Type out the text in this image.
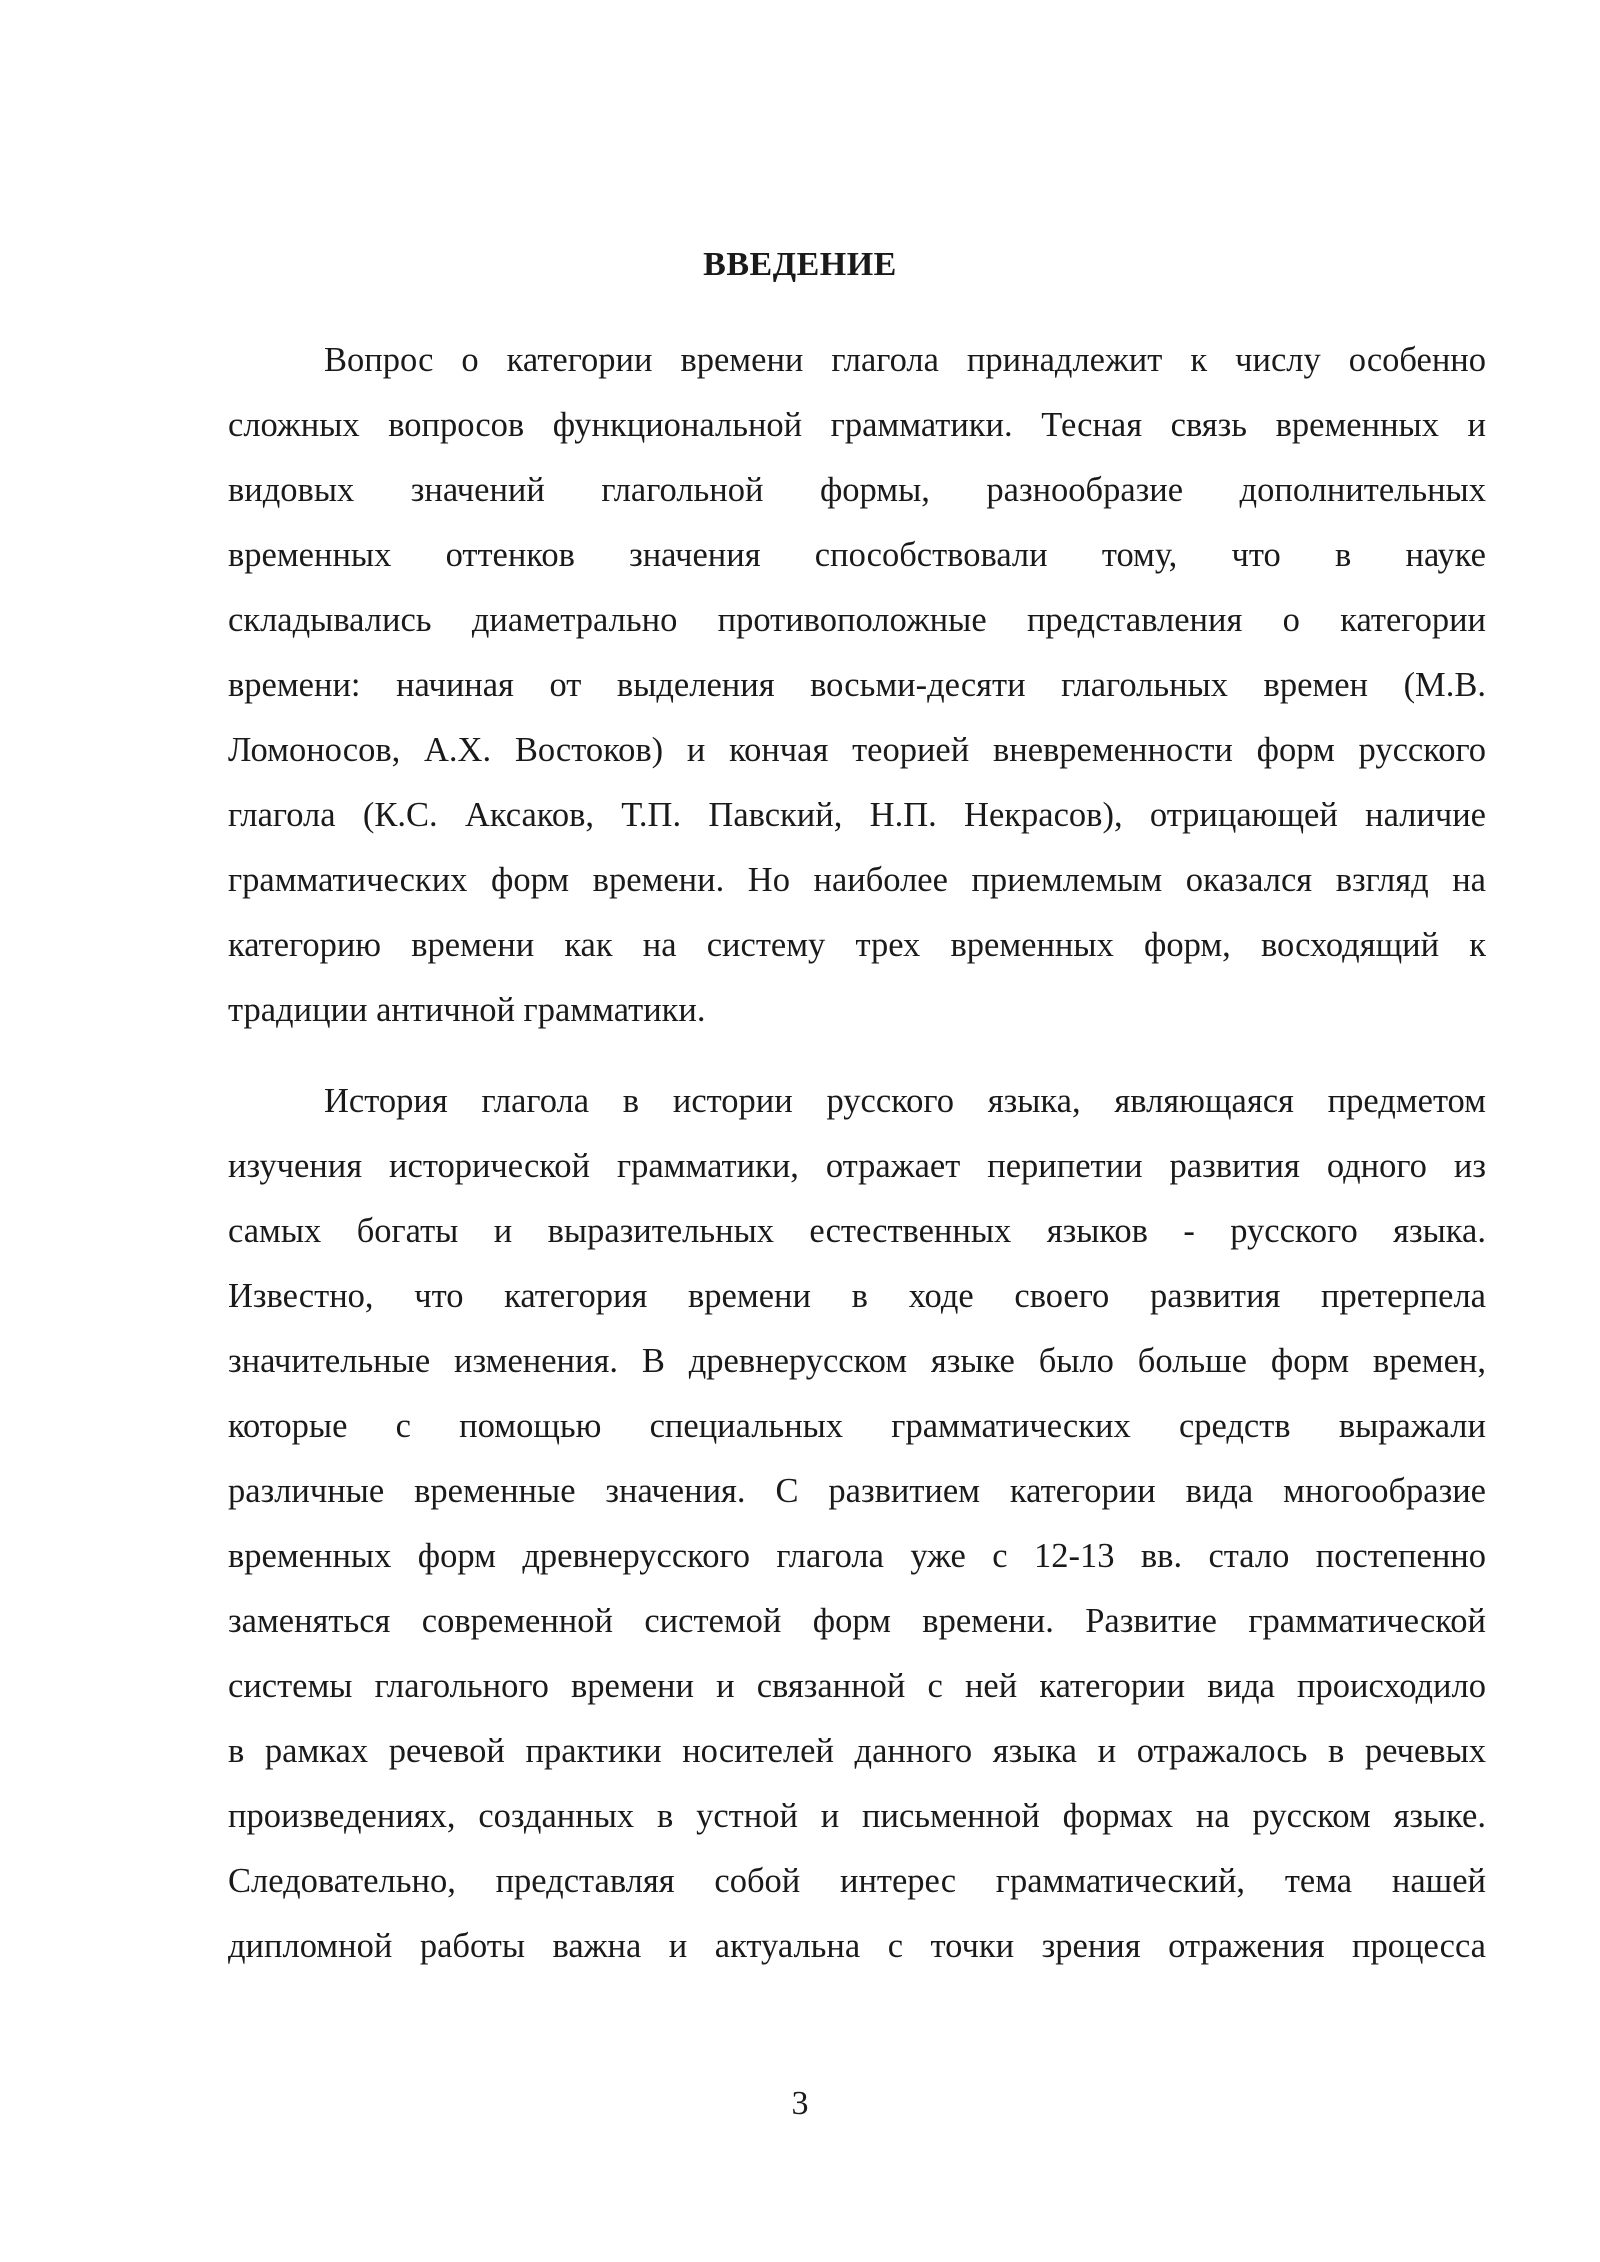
ВВЕДЕНИЕ
Вопрос о категории времени глагола принадлежит к числу особенно
сложных вопросов функциональной грамматики. Тесная связь временных и
видовых значений глагольной формы, разнообразие дополнительных
временных оттенков значения способствовали тому, что в науке
складывались диаметрально противоположные представления о категории
времени: начиная от выделения восьми-десяти глагольных времен (М.В.
Ломоносов, А.Х. Востоков) и кончая теорией вневременности форм русского
глагола (К.С. Аксаков, Т.П. Павский, Н.П. Некрасов), отрицающей наличие
грамматических форм времени. Но наиболее приемлемым оказался взгляд на
категорию времени как на систему трех временных форм, восходящий к
традиции античной грамматики.
История глагола в истории русского языка, являющаяся предметом
изучения исторической грамматики, отражает перипетии развития одного из
самых богаты и выразительных естественных языков - русского языка.
Известно, что категория времени в ходе своего развития претерпела
значительные изменения. В древнерусском языке было больше форм времен,
которые с помощью специальных грамматических средств выражали
различные временные значения. С развитием категории вида многообразие
временных форм древнерусского глагола уже с 12-13 вв. стало постепенно
заменяться современной системой форм времени. Развитие грамматической
системы глагольного времени и связанной с ней категории вида происходило
в рамках речевой практики носителей данного языка и отражалось в речевых
произведениях, созданных в устной и письменной формах на русском языке.
Следовательно, представляя собой интерес грамматический, тема нашей
дипломной работы важна и актуальна с точки зрения отражения процесса
3
